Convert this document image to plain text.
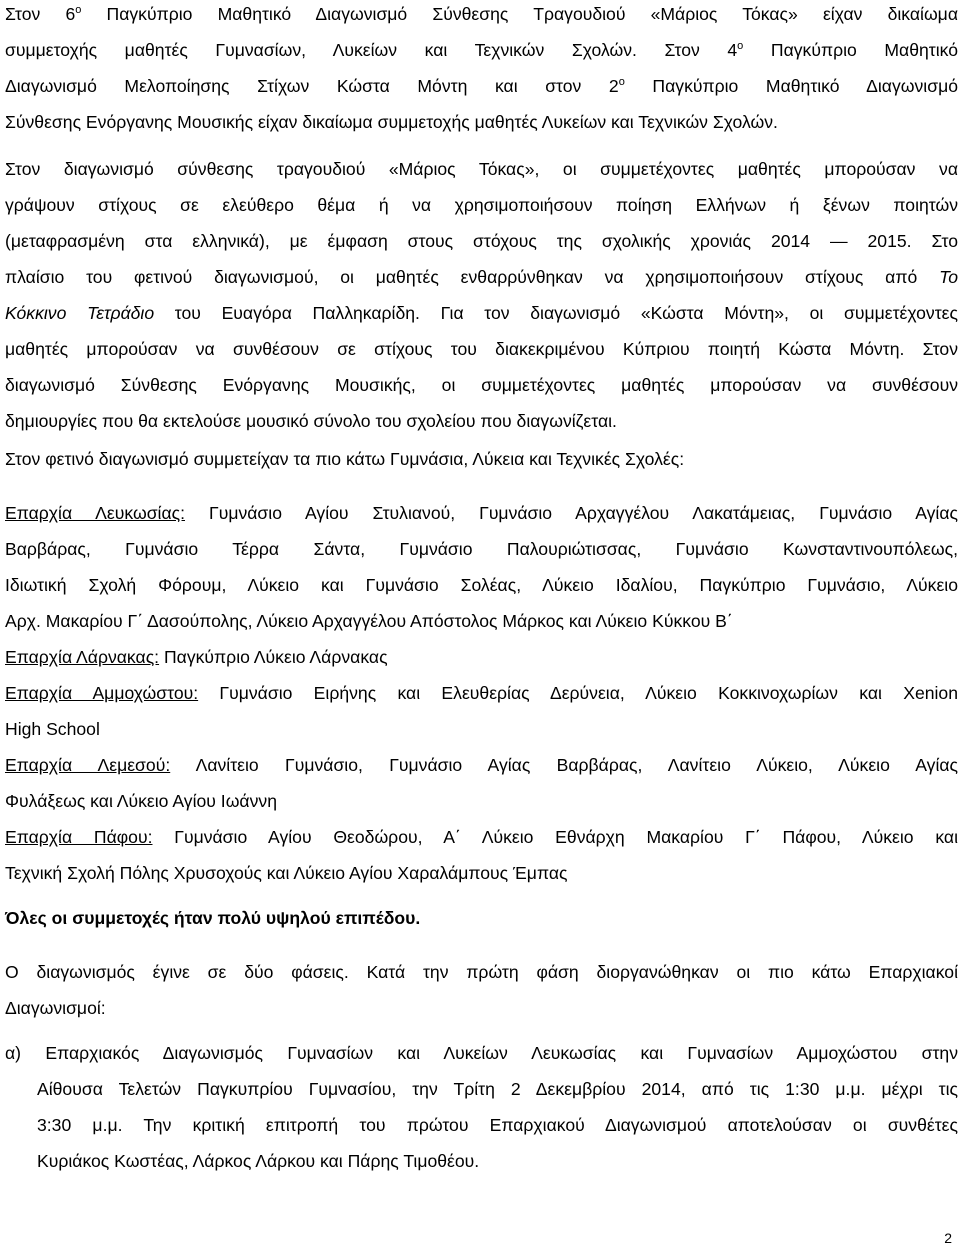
Στον $6^o$ Παγκύπριο Μαθητικό Διαγωνισμό Σύνθεσης Τραγουδιού «Μάριος Τόκας» είχαν δικαίωμα
συμμετοχής μαθητές Γυμνασίων, Λυκείων και Τεχνικών Σχολών. Στον $4^o$ Παγκύπριο Μαθητικό
Διαγωνισμό Μελοποίησης Στίχων Κώστα Μόντη και στον $2^o$ Παγκύπριο Μαθητικό Διαγωνισμό
Σύνθεσης Ενόργανης Μουσικής είχαν δικαίωμα συμμετοχής μαθητές Λυκείων και Τεχνικών Σχολών.
Στον διαγωνισμό σύνθεσης τραγουδιού «Μάριος Τόκας», οι συμμετέχοντες μαθητές μπορούσαν να
γράψουν στίχους σε ελεύθερο θέμα ή να χρησιμοποιήσουν ποίηση Ελλήνων ή ξένων ποιητών
(μεταφρασμένη στα ελληνικά), με έμφαση στους στόχους της σχολικής χρονιάς 2014 — 2015. Στο
πλαίσιο του φετινού διαγωνισμού, οι μαθητές ενθαρρύνθηκαν να χρησιμοποιήσουν στίχους από Το
Κόκκινο Τετράδιο του Ευαγόρα Παλληκαρίδη. Για τον διαγωνισμό «Κώστα Μόντη», οι συμμετέχοντες
μαθητές μπορούσαν να συνθέσουν σε στίχους του διακεκριμένου Κύπριου ποιητή Κώστα Μόντη. Στον
διαγωνισμό Σύνθεσης Ενόργανης Μουσικής, οι συμμετέχοντες μαθητές μπορούσαν να συνθέσουν
δημιουργίες που θα εκτελούσε μουσικό σύνολο του σχολείου που διαγωνίζεται.
Στον φετινό διαγωνισμό συμμετείχαν τα πιο κάτω Γυμνάσια, Λύκεια και Τεχνικές Σχολές:
Επαρχία Λευκωσίας: Γυμνάσιο Αγίου Στυλιανού, Γυμνάσιο Αρχαγγέλου Λακατάμειας, Γυμνάσιο Αγίας
Βαρβάρας, Γυμνάσιο Τέρρα Σάντα, Γυμνάσιο Παλουριώτισσας, Γυμνάσιο Κωνσταντινουπόλεως,
Ιδιωτική Σχολή Φόρουμ, Λύκειο και Γυμνάσιο Σολέας, Λύκειο Ιδαλίου, Παγκύπριο Γυμνάσιο, Λύκειο
Αρχ. Μακαρίου Γ΄ Δασούπολης, Λύκειο Αρχαγγέλου Απόστολος Μάρκος και Λύκειο Κύκκου Β΄
Επαρχία Λάρνακας: Παγκύπριο Λύκειο Λάρνακας
Επαρχία Αμμοχώστου: Γυμνάσιο Ειρήνης και Ελευθερίας Δερύνεια, Λύκειο Κοκκινοχωρίων και Xenion
High School
Επαρχία Λεμεσού: Λανίτειο Γυμνάσιο, Γυμνάσιο Αγίας Βαρβάρας, Λανίτειο Λύκειο, Λύκειο Αγίας
Φυλάξεως και Λύκειο Αγίου Ιωάννη
Επαρχία Πάφου: Γυμνάσιο Αγίου Θεοδώρου, Α΄ Λύκειο Εθνάρχη Μακαρίου Γ΄ Πάφου, Λύκειο και
Τεχνική Σχολή Πόλης Χρυσοχούς και Λύκειο Αγίου Χαραλάμπους Έμπας
Όλες οι συμμετοχές ήταν πολύ υψηλού επιπέδου.
Ο διαγωνισμός έγινε σε δύο φάσεις. Κατά την πρώτη φάση διοργανώθηκαν οι πιο κάτω Επαρχιακοί
Διαγωνισμοί:
α) Επαρχιακός Διαγωνισμός Γυμνασίων και Λυκείων Λευκωσίας και Γυμνασίων Αμμοχώστου στην
Αίθουσα Τελετών Παγκυπρίου Γυμνασίου, την Τρίτη 2 Δεκεμβρίου 2014, από τις 1:30 μ.μ. μέχρι τις
3:30 μ.μ. Την κριτική επιτροπή του πρώτου Επαρχιακού Διαγωνισμού αποτελούσαν οι συνθέτες
Κυριάκος Κωστέας, Λάρκος Λάρκου και Πάρης Τιμοθέου.
2
